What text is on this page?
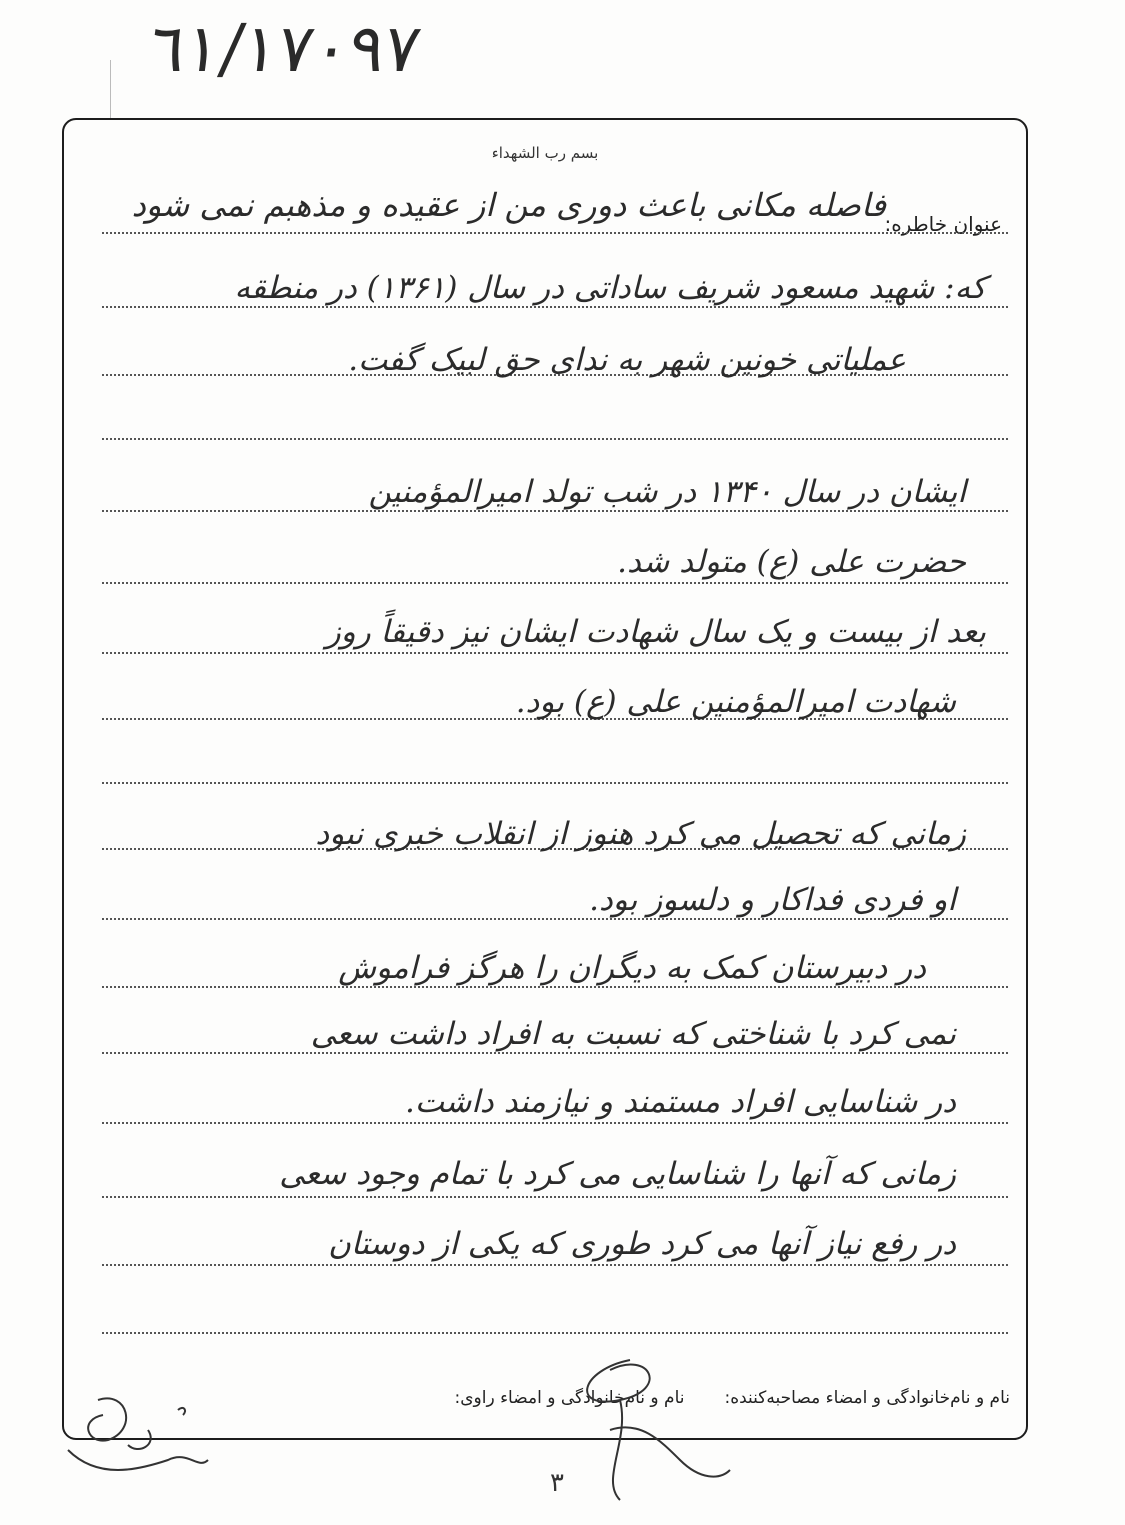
٦١/١٧٠٩٧
بسم رب الشهداء
عنوان خاطره:
فاصله مکانی باعث دوری من از عقیده و مذهبم نمی شود
که: شهید مسعود شریف ساداتی در سال (۱۳۶۱) در منطقه
عملیاتی خونین شهر به ندای حق لبیک گفت.
ایشان در سال ۱۳۴۰ در شب تولد امیرالمؤمنین
حضرت علی (ع) متولد شد.
بعد از بیست و یک سال شهادت ایشان نیز دقیقاً روز
شهادت امیرالمؤمنین علی (ع) بود.
زمانی که تحصیل می کرد هنوز از انقلاب خبری نبود
او فردی فداکار و دلسوز بود.
در دبیرستان کمک به دیگران را هرگز فراموش
نمی کرد با شناختی که نسبت به افراد داشت سعی
در شناسایی افراد مستمند و نیازمند داشت.
زمانی که آنها را شناسایی می کرد با تمام وجود سعی
در رفع نیاز آنها می کرد طوری که یکی از دوستان
نام و نام‌خانوادگی و امضاء مصاحبه‌کننده:
نام و نام‌خانوادگی و امضاء راوی:
۳
